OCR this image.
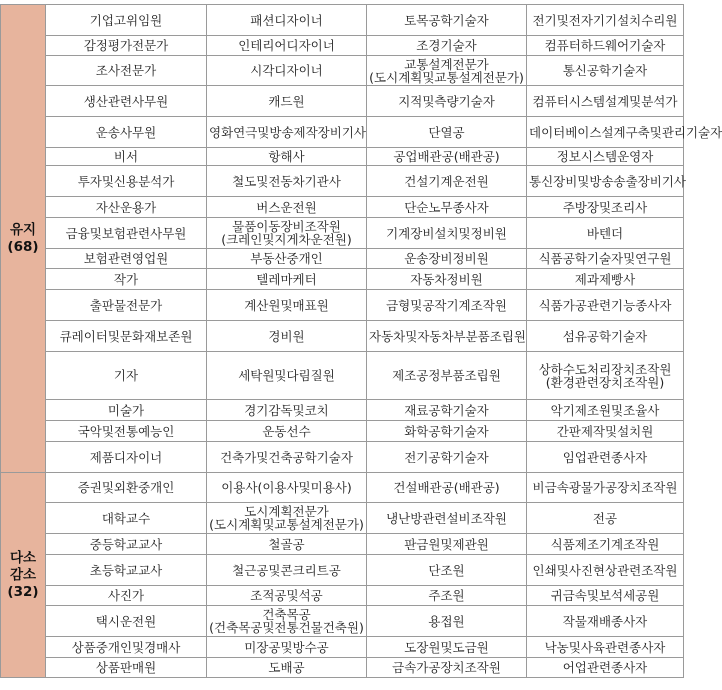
유지
(68)	기업고위임원	패션디자이너	토목공학기술자	전기및전자기기설치수리원
	감정평가전문가	인테리어디자이너	조경기술자	컴퓨터하드웨어기술자
	조사전문가	시각디자이너	교통설계전문가(도시계획및교통설계전문가)	통신공학기술자
	생산관련사무원	캐드원	지적및측량기술자	컴퓨터시스템설계및분석가
	운송사무원	영화연극및방송제작장비기사	단열공	데이터베이스설계구축및관리기술자
	비서	항해사	공업배관공(배관공)	정보시스템운영자
	투자및신용분석가	철도및전동차기관사	건설기계운전원	통신장비및방송송출장비기사
	자산운용가	버스운전원	단순노무종사자	주방장및조리사
	금융및보험관련사무원	물품이동장비조작원(크레인및지게차운전원)	기계장비설치및정비원	바텐더
	보험관련영업원	부동산중개인	운송장비정비원	식품공학기술자및연구원
	작가	텔레마케터	자동차정비원	제과제빵사
	출판물전문가	계산원및매표원	금형및공작기계조작원	식품가공관련기능종사자
	큐레이터및문화재보존원	경비원	자동차및자동차부분품조립원	섬유공학기술자
	기자	세탁원및다림질원	제조공정부품조립원	상하수도처리장치조작원(환경관련장치조작원)
	미술가	경기감독및코치	재료공학기술자	악기제조원및조율사
	국악및전통예능인	운동선수	화학공학기술자	간판제작및설치원
	제품디자이너	건축가및건축공학기술자	전기공학기술자	임업관련종사자

다소
감소
(32)	증권및외환중개인	이용사(이용사및미용사)	건설배관공(배관공)	비금속광물가공장치조작원
	대학교수	도시계획전문가(도시계획및교통설계전문가)	냉난방관련설비조작원	전공
	중등학교교사	철골공	판금원및제관원	식품제조기계조작원
	초등학교교사	철근공및콘크리트공	단조원	인쇄및사진현상관련조작원
	사진가	조적공및석공	주조원	귀금속및보석세공원
	택시운전원	건축목공(건축목공및전통건물건축원)	용접원	작물재배종사자
	상품중개인및경매사	미장공및방수공	도장원및도금원	낙농및사육관련종사자
	상품판매원	도배공	금속가공장치조작원	어업관련종사자
